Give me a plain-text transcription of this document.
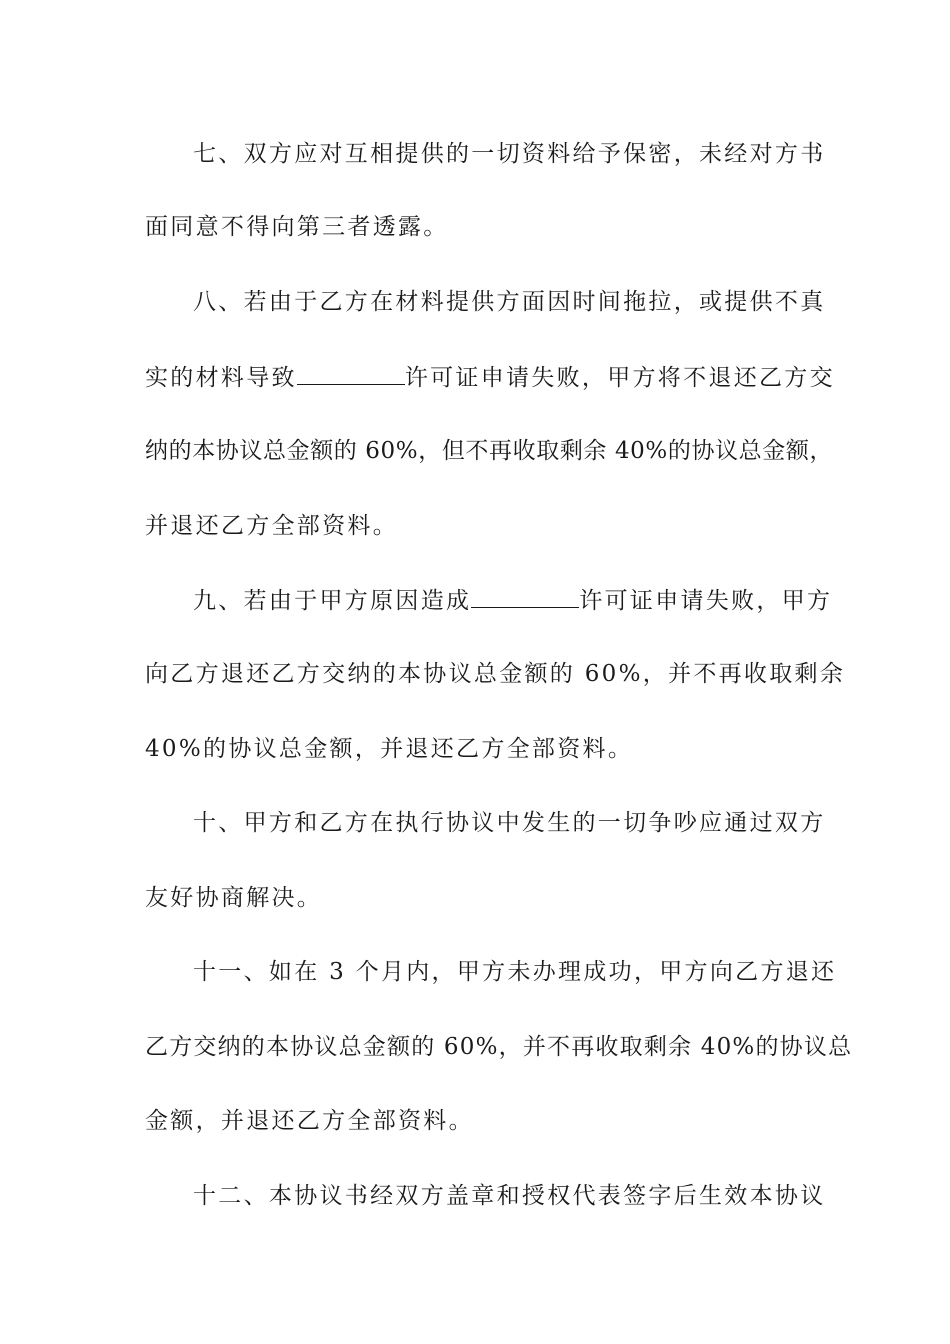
七、双方应对互相提供的一切资料给予保密，未经对方书
面同意不得向第三者透露。
八、若由于乙方在材料提供方面因时间拖拉，或提供不真
实的材料导致	许可证申请失败，甲方将不退还乙方交
纳的本协议总金额的 60%，但不再收取剩余 40%的协议总金额，
并退还乙方全部资料。
九、若由于甲方原因造成	许可证申请失败，甲方
向乙方退还乙方交纳的本协议总金额的 60%，并不再收取剩余
40%的协议总金额，并退还乙方全部资料。
十、甲方和乙方在执行协议中发生的一切争吵应通过双方
友好协商解决。
十一、如在 3 个月内，甲方未办理成功，甲方向乙方退还
乙方交纳的本协议总金额的 60%，并不再收取剩余 40%的协议总
金额，并退还乙方全部资料。
十二、本协议书经双方盖章和授权代表签字后生效本协议
